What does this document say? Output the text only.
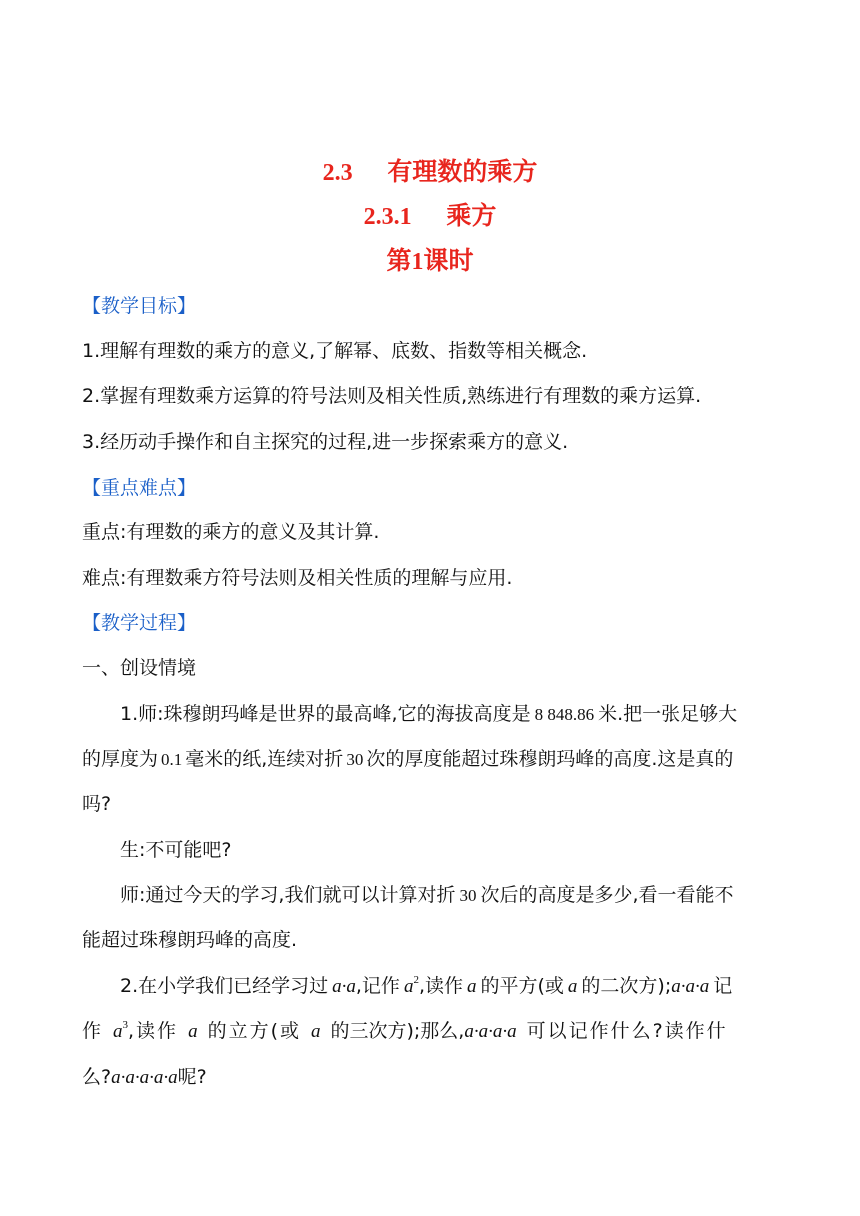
2.3 有理数的乘方
2.3.1 乘方
第1课时
【教学目标】
1.理解有理数的乘方的意义,了解幂、底数、指数等相关概念.
2.掌握有理数乘方运算的符号法则及相关性质,熟练进行有理数的乘方运算.
3.经历动手操作和自主探究的过程,进一步探索乘方的意义.
【重点难点】
重点:有理数的乘方的意义及其计算.
难点:有理数乘方符号法则及相关性质的理解与应用.
【教学过程】
一、创设情境
1.师:珠穆朗玛峰是世界的最高峰,它的海拔高度是 8 848.86 米.把一张足够大
的厚度为 0.1 毫米的纸,连续对折 30 次的厚度能超过珠穆朗玛峰的高度.这是真的
吗?
生:不可能吧?
师:通过今天的学习,我们就可以计算对折 30 次后的高度是多少,看一看能不
能超过珠穆朗玛峰的高度.
2.在小学我们已经学习过 a·a,记作 $a^2$,读作 a 的平方(或 a 的二次方);a·a·a 记
作 $a^3$,读作 a 的立方(或 a 的三次方);那么,a·a·a·a 可以记作什么?读作什
么?a·a·a·a·a呢?
